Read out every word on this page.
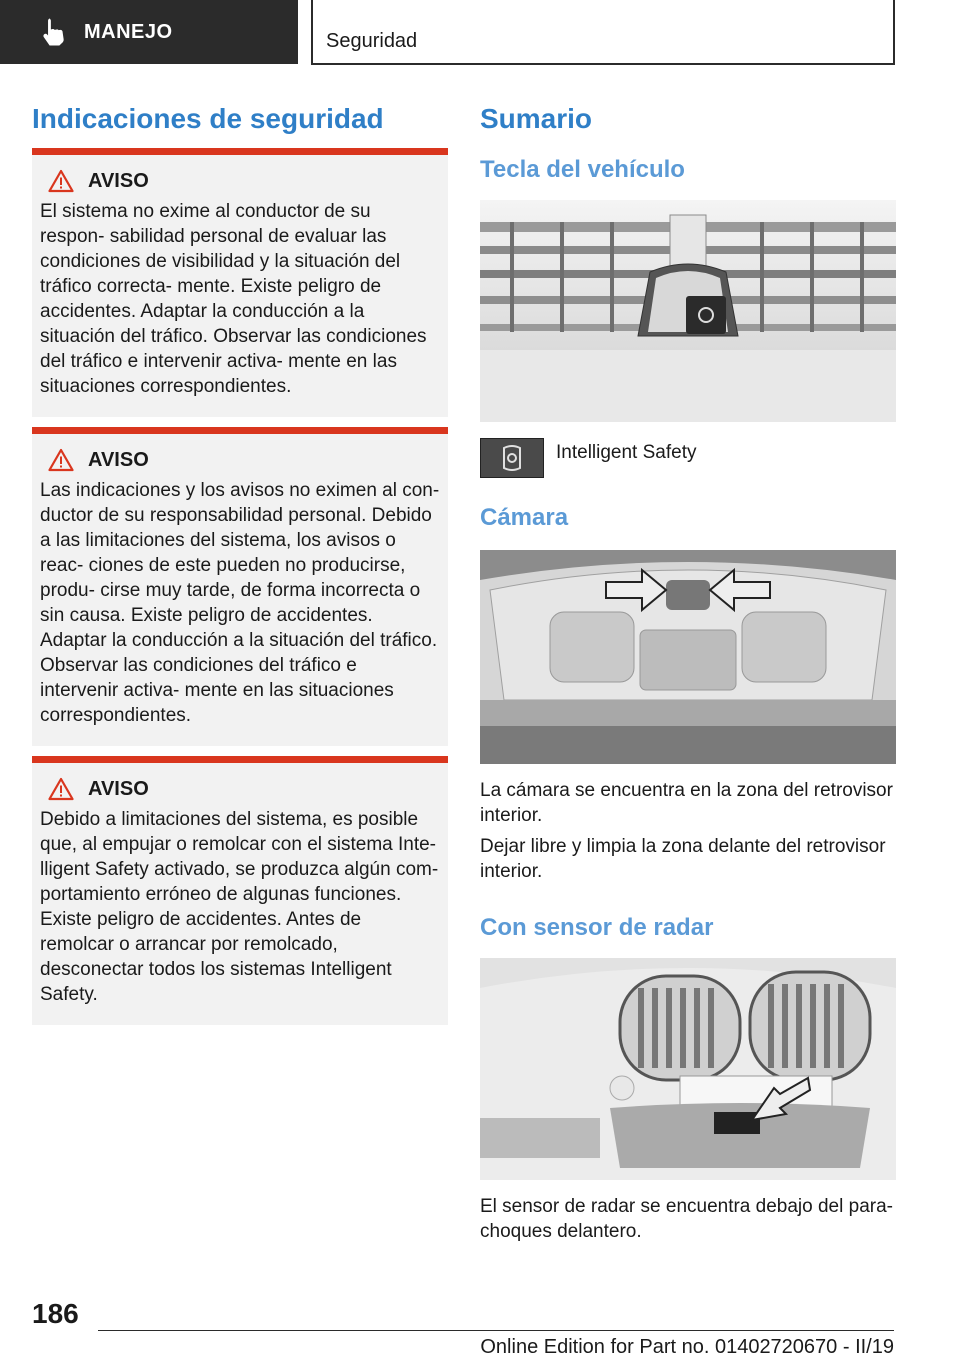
MANEJO	Seguridad
Indicaciones de seguridad
AVISO

El sistema no exime al conductor de su respon‐ sabilidad personal de evaluar las condiciones de visibilidad y la situación del tráfico correcta‐ mente. Existe peligro de accidentes. Adaptar la conducción a la situación del tráfico. Observar las condiciones del tráfico e intervenir activa‐ mente en las situaciones correspondientes.

AVISO

Las indicaciones y los avisos no eximen al con‐ ductor de su responsabilidad personal. Debido a las limitaciones del sistema, los avisos o reac‐ ciones de este pueden no producirse, produ‐ cirse muy tarde, de forma incorrecta o sin causa. Existe peligro de accidentes. Adaptar la conducción a la situación del tráfico. Observar las condiciones del tráfico e intervenir activa‐ mente en las situaciones correspondientes.

AVISO

Debido a limitaciones del sistema, es posible que, al empujar o remolcar con el sistema Inte‐ lligent Safety activado, se produzca algún com‐ portamiento erróneo de algunas funciones. Existe peligro de accidentes. Antes de remolcar o arrancar por remolcado, desconectar todos los sistemas Intelligent Safety.

Sumario
Tecla del vehículo
Intelligent Safety
Cámara

La cámara se encuentra en la zona del retrovisor interior.

Dejar libre y limpia la zona delante del retrovisor interior.

Con sensor de radar

El sensor de radar se encuentra debajo del para‐ choques delantero.

186
Online Edition for Part no. 01402720670 - II/19
